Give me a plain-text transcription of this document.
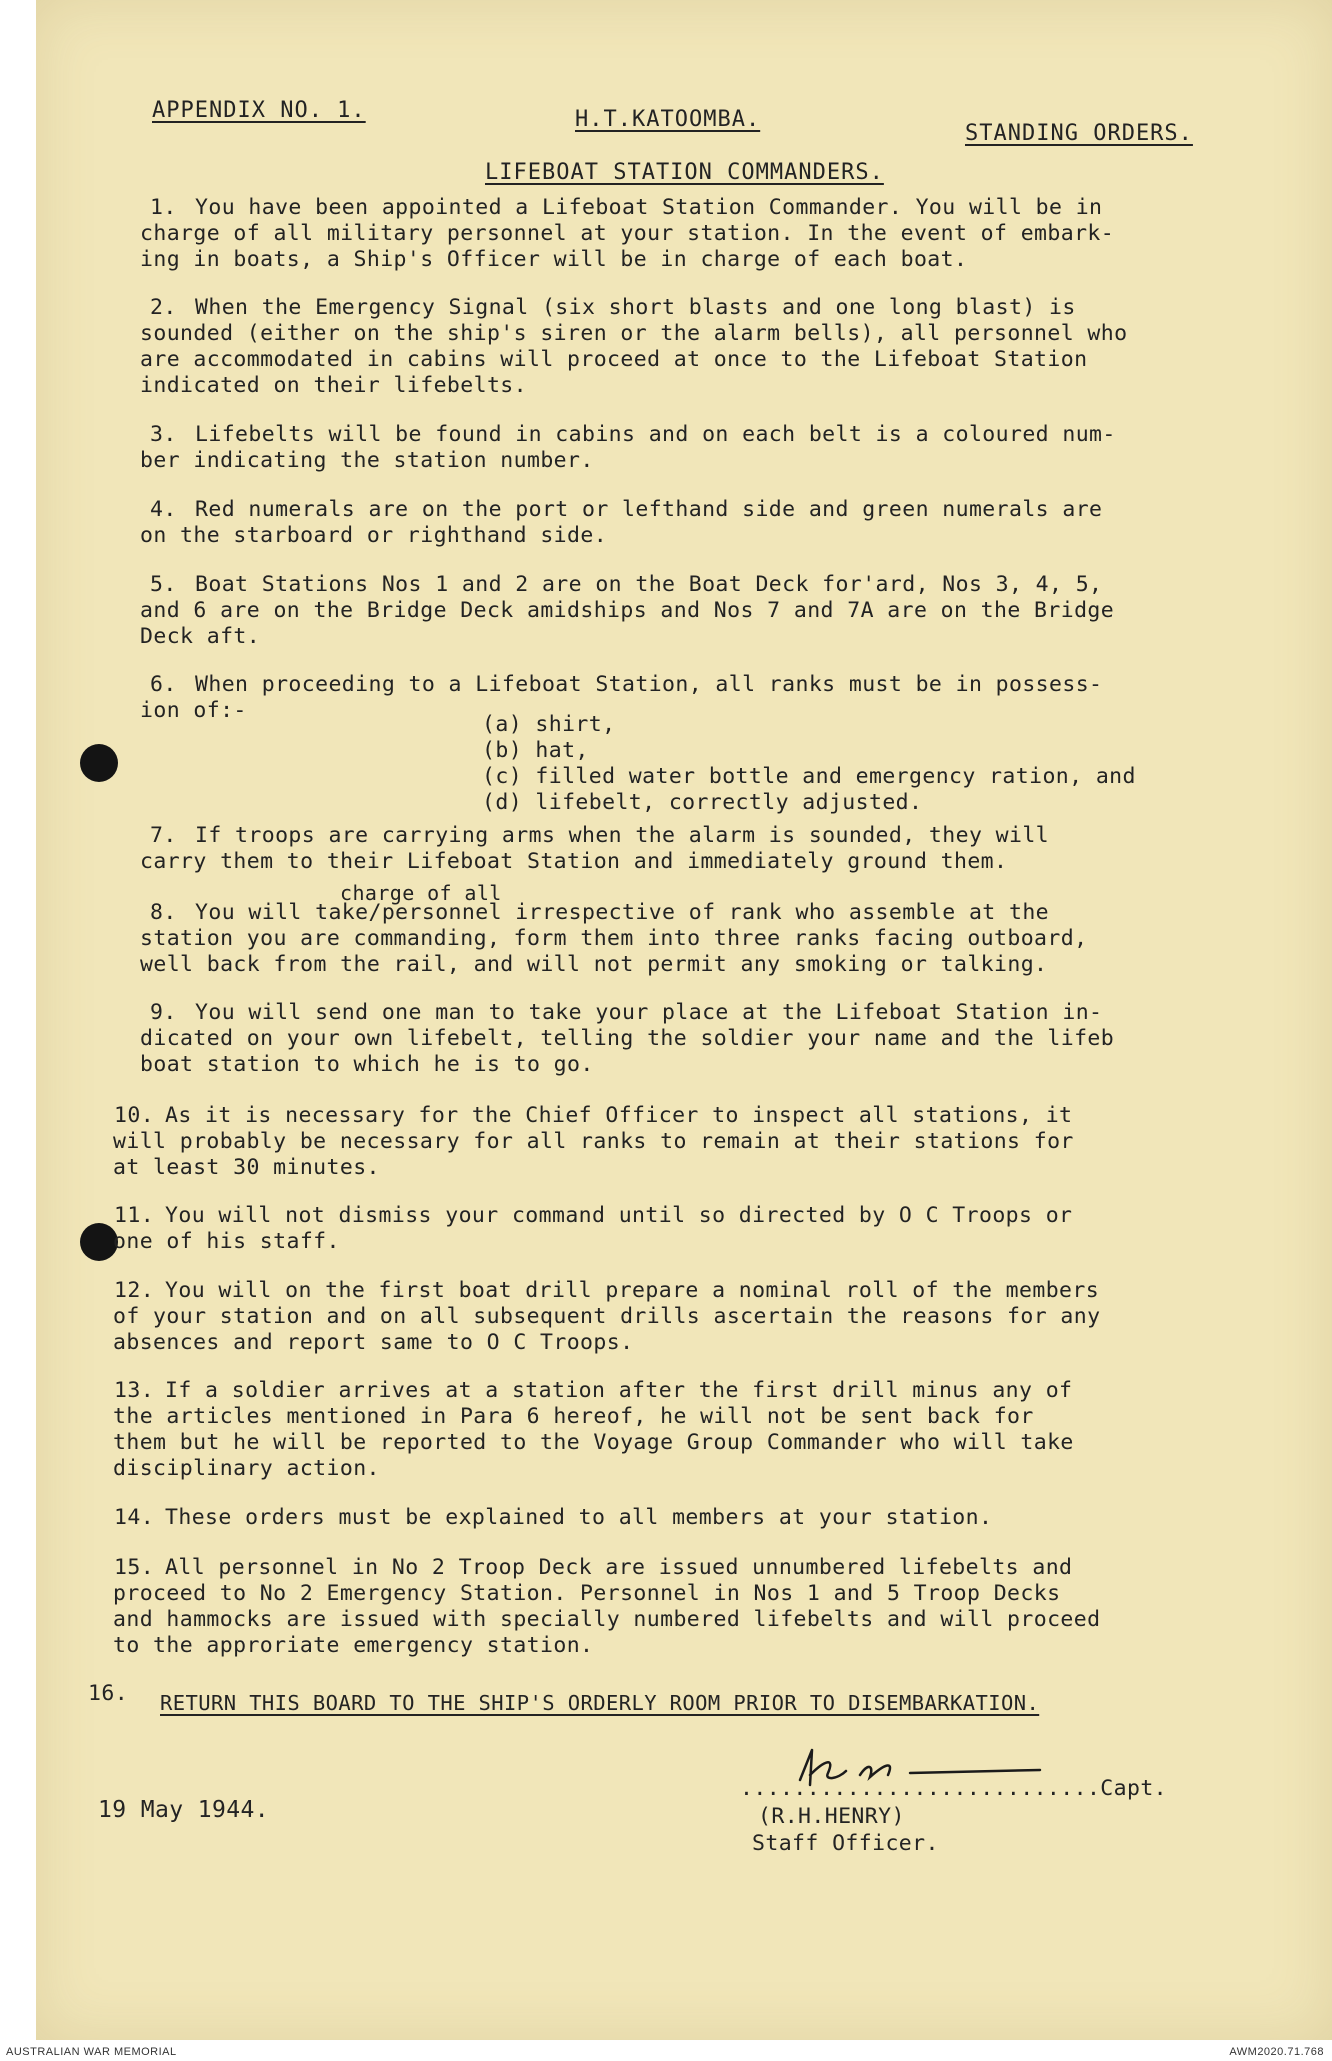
APPENDIX NO. 1.	H.T.KATOOMBA.
STANDING ORDERS.
LIFEBOAT STATION COMMANDERS.
1. You have been appointed a Lifeboat Station Commander. You will be in
charge of all military personnel at your station. In the event of embark-
ing in boats, a Ship's Officer will be in charge of each boat.
2. When the Emergency Signal (six short blasts and one long blast) is
sounded (either on the ship's siren or the alarm bells), all personnel who
are accommodated in cabins will proceed at once to the Lifeboat Station
indicated on their lifebelts.
3. Lifebelts will be found in cabins and on each belt is a coloured num-
ber indicating the station number.
4. Red numerals are on the port or lefthand side and green numerals are
on the starboard or righthand side.
5. Boat Stations Nos 1 and 2 are on the Boat Deck for'ard, Nos 3, 4, 5,
and 6 are on the Bridge Deck amidships and Nos 7 and 7A are on the Bridge
Deck aft.
6. When proceeding to a Lifeboat Station, all ranks must be in possess-
ion of:-
7. If troops are carrying arms when the alarm is sounded, they will
carry them to their Lifeboat Station and immediately ground them.
8. You will take/personnel irrespective of rank who assemble at the
station you are commanding, form them into three ranks facing outboard,
well back from the rail, and will not permit any smoking or talking.
9. You will send one man to take your place at the Lifeboat Station in-
dicated on your own lifebelt, telling the soldier your name and the lifeb
boat station to which he is to go.
10. As it is necessary for the Chief Officer to inspect all stations, it
will probably be necessary for all ranks to remain at their stations for
at least 30 minutes.
11. You will not dismiss your command until so directed by O C Troops or
one of his staff.
12. You will on the first boat drill prepare a nominal roll of the members
of your station and on all subsequent drills ascertain the reasons for any
absences and report same to O C Troops.
13. If a soldier arrives at a station after the first drill minus any of
the articles mentioned in Para 6 hereof, he will not be sent back for
them but he will be reported to the Voyage Group Commander who will take
disciplinary action.
14. These orders must be explained to all members at your station.
15. All personnel in No 2 Troop Deck are issued unnumbered lifebelts and
proceed to No 2 Emergency Station. Personnel in Nos 1 and 5 Troop Decks
and hammocks are issued with specially numbered lifebelts and will proceed
to the approriate emergency station.
(a) shirt,
(b) hat,
(c) filled water bottle and emergency ration, and
(d) lifebelt, correctly adjusted.
charge of all
16. RETURN THIS BOARD TO THE SHIP'S ORDERLY ROOM PRIOR TO DISEMBARKATION.
...........................Capt.
19 May 1944.	(R.H.HENRY)
Staff Officer.
AUSTRALIAN WAR MEMORIAL	AWM2020.71.768
